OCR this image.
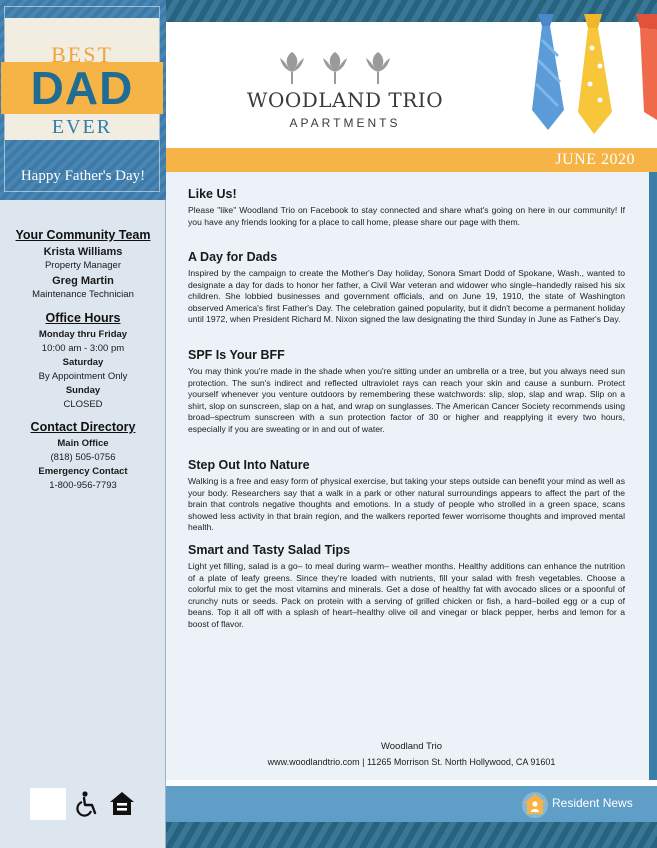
BEST
DAD
EVER
Happy Father's Day!
Your Community Team
Krista Williams
Property Manager
Greg Martin
Maintenance Technician
Office Hours
Monday thru Friday
10:00 am - 3:00 pm
Saturday
By Appointment Only
Sunday
CLOSED
Contact Directory
Main Office
(818) 505-0756
Emergency Contact
1-800-956-7793
WOODLAND TRIO
APARTMENTS
JUNE 2020
Like Us!

Please "like" Woodland Trio on Facebook to stay connected and share what's going on here in our community! If you have any friends looking for a place to call home, please share our page with them.

A Day for Dads

Inspired by the campaign to create the Mother's Day holiday, Sonora Smart Dodd of Spokane, Wash., wanted to designate a day for dads to honor her father, a Civil War veteran and widower who single–handedly raised his six children. She lobbied businesses and government officials, and on June 19, 1910, the state of Washington observed America's first Father's Day. The celebration gained popularity, but it didn't become a permanent holiday until 1972, when President Richard M. Nixon signed the law designating the third Sunday in June as Father's Day.

SPF Is Your BFF

You may think you're made in the shade when you're sitting under an umbrella or a tree, but you always need sun protection. The sun's indirect and reflected ultraviolet rays can reach your skin and cause a sunburn. Protect yourself whenever you venture outdoors by remembering these watchwords: slip, slop, slap and wrap. Slip on a shirt, slop on sunscreen, slap on a hat, and wrap on sunglasses. The American Cancer Society recommends using broad–spectrum sunscreen with a sun protection factor of 30 or higher and reapplying it every two hours, especially if you are sweating or in and out of water.

Step Out Into Nature

Walking is a free and easy form of physical exercise, but taking your steps outside can benefit your mind as well as your body. Researchers say that a walk in a park or other natural surroundings appears to affect the part of the brain that controls negative thoughts and emotions. In a study of people who strolled in a green space, scans showed less activity in that brain region, and the walkers reported fewer worrisome thoughts and improved mental health.

Smart and Tasty Salad Tips

Light yet filling, salad is a go– to meal during warm– weather months. Healthy additions can enhance the nutrition of a plate of leafy greens. Since they're loaded with nutrients, fill your salad with fresh vegetables. Choose a colorful mix to get the most vitamins and minerals. Get a dose of healthy fat with avocado slices or a spoonful of crunchy nuts or seeds. Pack on protein with a serving of grilled chicken or fish, a hard–boiled egg or a cup of beans. Top it all off with a splash of heart–healthy olive oil and vinegar or black pepper, herbs and lemon for a boost of flavor.

Woodland Trio
www.woodlandtrio.com | 11265 Morrison St. North Hollywood, CA 91601
Resident News
